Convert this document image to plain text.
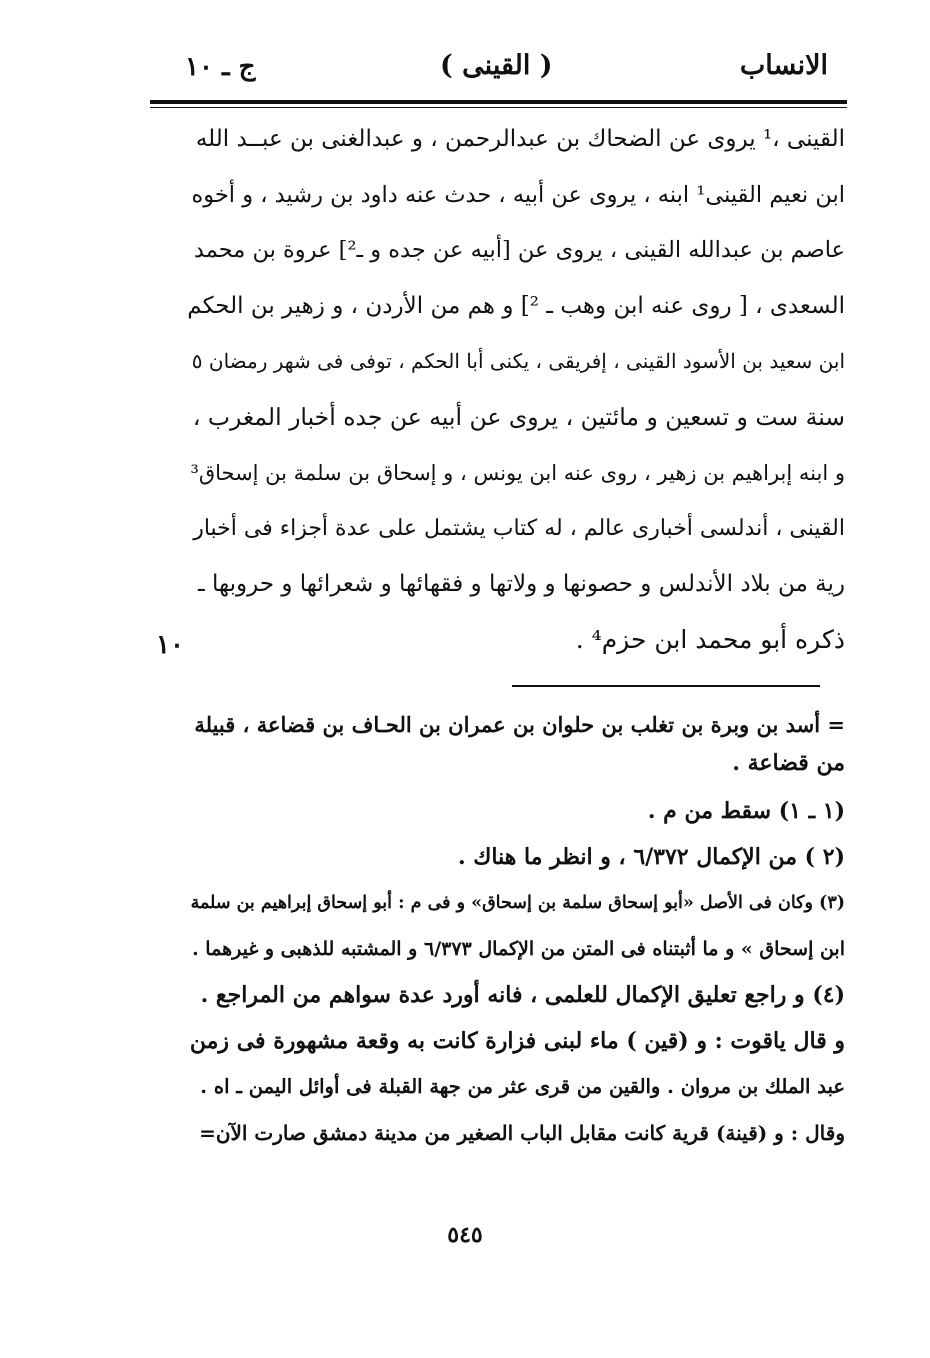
الانساب
( القينى )
ج ـ ١٠

القينى ،¹ يروى عن الضحاك بن عبدالرحمن ، و عبدالغنى بن عبــد الله

ابن نعيم القينى¹ ابنه ، يروى عن أبيه ، حدث عنه داود بن رشيد ، و أخوه

عاصم بن عبدالله القينى ، يروى عن [أبيه عن جده و ـ²] عروة بن محمد

السعدى ، [ روى عنه ابن وهب ـ ²] و هم من الأردن ، و زهير بن الحكم

ابن سعيد بن الأسود القينى ، إفريقى ، يكنى أبا الحكم ، توفى فى شهر رمضان ٥

سنة ست و تسعين و مائتين ، يروى عن أبيه عن جده أخبار المغرب ،

و ابنه إبراهيم بن زهير ، روى عنه ابن يونس ، و إسحاق بن سلمة بن إسحاق³

القينى ، أندلسى أخبارى عالم ، له كتاب يشتمل على عدة أجزاء فى أخبار

رية من بلاد الأندلس و حصونها و ولاتها و فقهائها و شعرائها و حروبها ـ

ذكره أبو محمد ابن حزم⁴ .

١٠

= أسد بن وبرة بن تغلب بن حلوان بن عمران بن الحـاف بن قضاعة ، قبيلة

من قضاعة .

(١ ـ ١) سقط من م .

(٢ ) من الإكمال ٦/٣٧٢ ، و انظر ما هناك .

(٣) وكان فى الأصل «أبو إسحاق سلمة بن إسحاق» و فى م : أبو إسحاق إبراهيم بن سلمة

ابن إسحاق » و ما أثبتناه فى المتن من الإكمال ٦/٣٧٣ و المشتبه للذهبى و غيرهما .

(٤) و راجع تعليق الإكمال للعلمى ، فانه أورد عدة سواهم من المراجع .

و قال ياقوت : و (قين ) ماء لبنى فزارة كانت به وقعة مشهورة فى زمن

عبد الملك بن مروان . والقين من قرى عثر من جهة القبلة فى أوائل اليمن ـ اه .

وقال : و (قينة) قرية كانت مقابل الباب الصغير من مدينة دمشق صارت الآن=

٥٤٥
